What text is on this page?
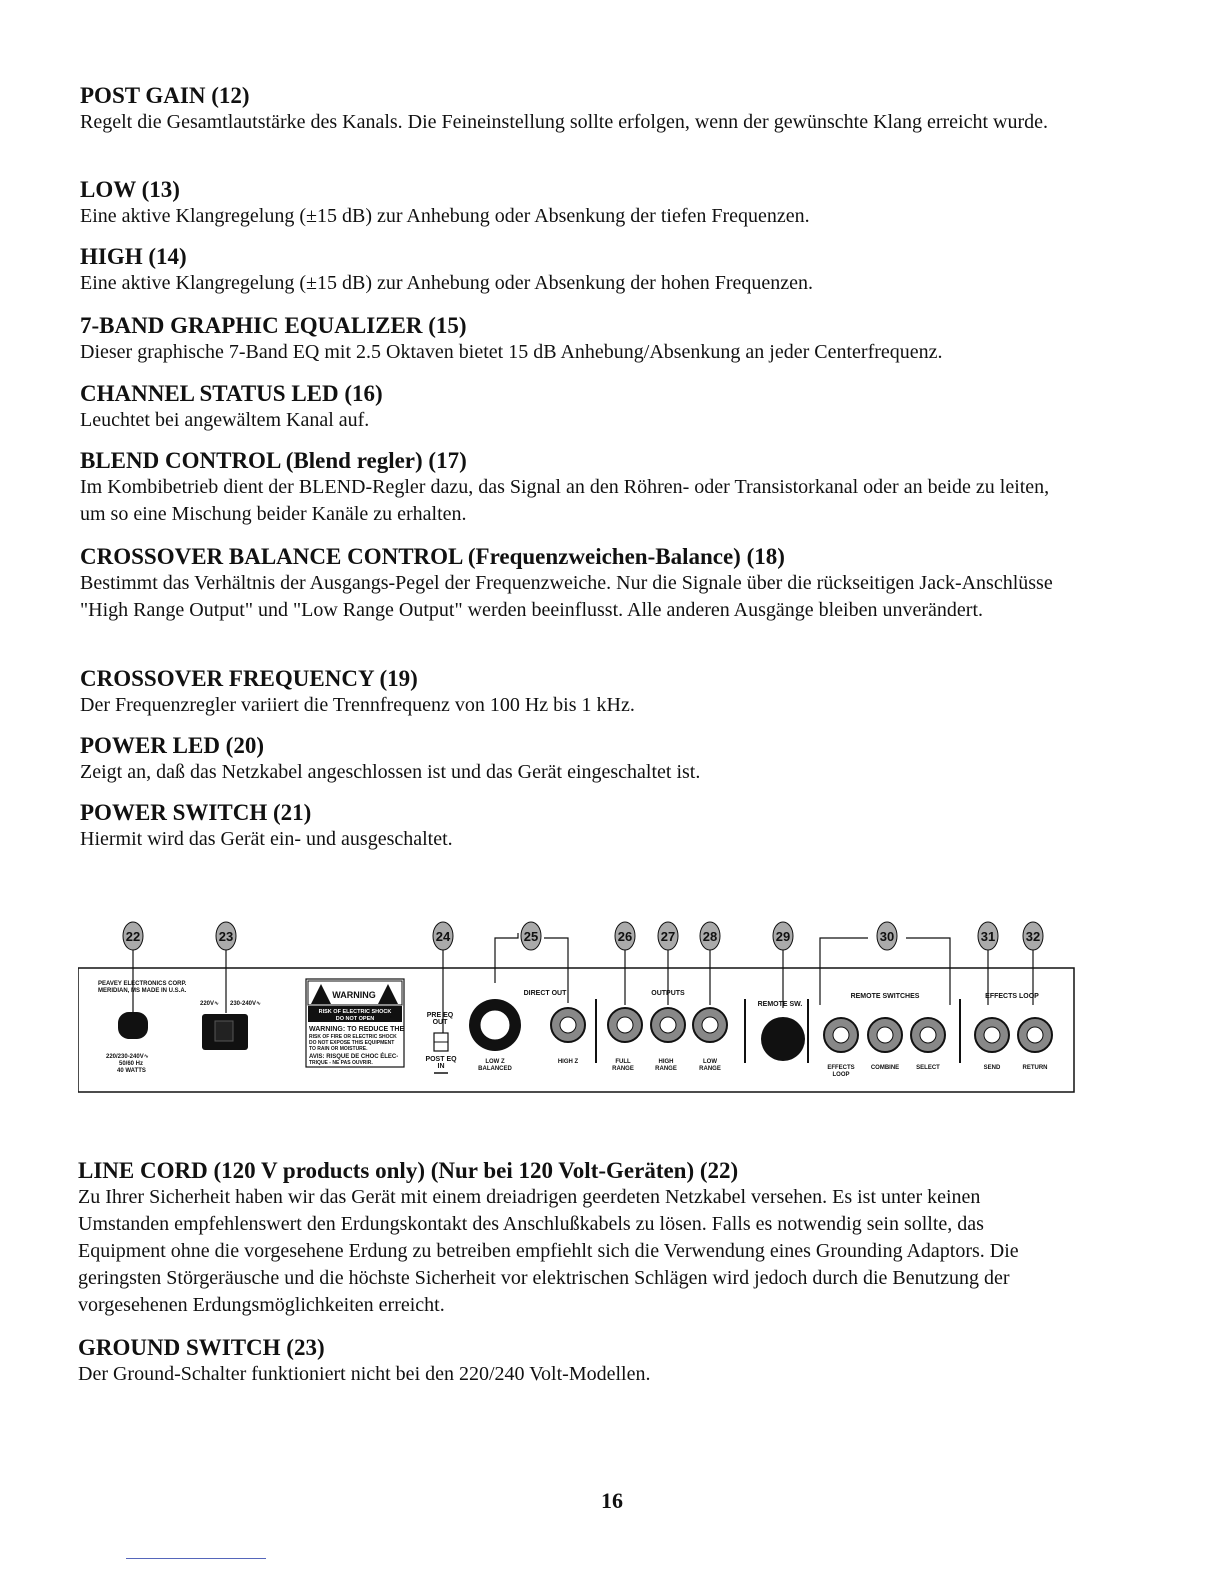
POST GAIN (12)

Regelt die Gesamtlautstärke des Kanals. Die Feineinstellung sollte erfolgen, wenn der gewünschte Klang erreicht wurde.

LOW (13)

Eine aktive Klangregelung (±15 dB) zur Anhebung oder Absenkung der tiefen Frequenzen.

HIGH (14)

Eine aktive Klangregelung (±15 dB) zur Anhebung oder Absenkung der hohen Frequenzen.

7-BAND GRAPHIC EQUALIZER (15)

Dieser graphische 7-Band EQ mit 2.5 Oktaven bietet 15 dB Anhebung/Absenkung an jeder Centerfrequenz.

CHANNEL STATUS LED (16)

Leuchtet bei angewältem Kanal auf.

BLEND CONTROL (Blend regler) (17)

Im Kombibetrieb dient der BLEND-Regler dazu, das Signal an den Röhren- oder Transistorkanal oder an beide zu leiten, um so eine Mischung beider Kanäle zu erhalten.

CROSSOVER BALANCE CONTROL (Frequenzweichen-Balance) (18)

Bestimmt das Verhältnis der Ausgangs-Pegel der Frequenzweiche. Nur die Signale über die rückseitigen Jack-Anschlüsse "High Range Output" und "Low Range Output" werden beeinflusst. Alle anderen Ausgänge bleiben unverändert.

CROSSOVER FREQUENCY (19)

Der Frequenzregler variiert die Trennfrequenz von 100 Hz bis 1 kHz.

POWER LED (20)

Zeigt an, daß das Netzkabel angeschlossen ist und das Gerät eingeschaltet ist.

POWER SWITCH (21)

Hiermit wird das Gerät ein- und ausgeschaltet.

22	23	24	25	26 27 28	29	30	31 32
PEAVEY ELECTRONICS CORP.
MERIDIAN, MS MADE IN U.S.A.
220V∿ 230-240V∿
220/230-240V∿
50/60 Hz
40 WATTS
WARNING
RISK OF ELECTRIC SHOCK
DO NOT OPEN
WARNING: TO REDUCE THE
RISK OF FIRE OR ELECTRIC SHOCK
DO NOT EXPOSE THIS EQUIPMENT
TO RAIN OR MOISTURE.
AVIS: RISQUE DE CHOC ÉLEC-
TRIQUE - NE PAS OUVRIR.
PRE EQ
OUT
POST EQ
IN
DIRECT OUT
LOW Z
BALANCED
HIGH Z
OUTPUTS
FULL
RANGE
HIGH
RANGE
LOW
RANGE
REMOTE SW.
REMOTE SWITCHES
EFFECTS
LOOP
COMBINE	SELECT
EFFECTS LOOP
SEND	RETURN

LINE CORD (120 V products only) (Nur bei 120 Volt-Geräten) (22)

Zu Ihrer Sicherheit haben wir das Gerät mit einem dreiadrigen geerdeten Netzkabel versehen. Es ist unter keinen Umstanden empfehlenswert den Erdungskontakt des Anschlußkabels zu lösen. Falls es notwendig sein sollte, das Equipment ohne die vorgesehene Erdung zu betreiben empfiehlt sich die Verwendung eines Grounding Adaptors. Die geringsten Störgeräusche und die höchste Sicherheit vor elektrischen Schlägen wird jedoch durch die Benutzung der vorgesehenen Erdungsmöglichkeiten erreicht.

GROUND SWITCH (23)

Der Ground-Schalter funktioniert nicht bei den 220/240 Volt-Modellen.

16
